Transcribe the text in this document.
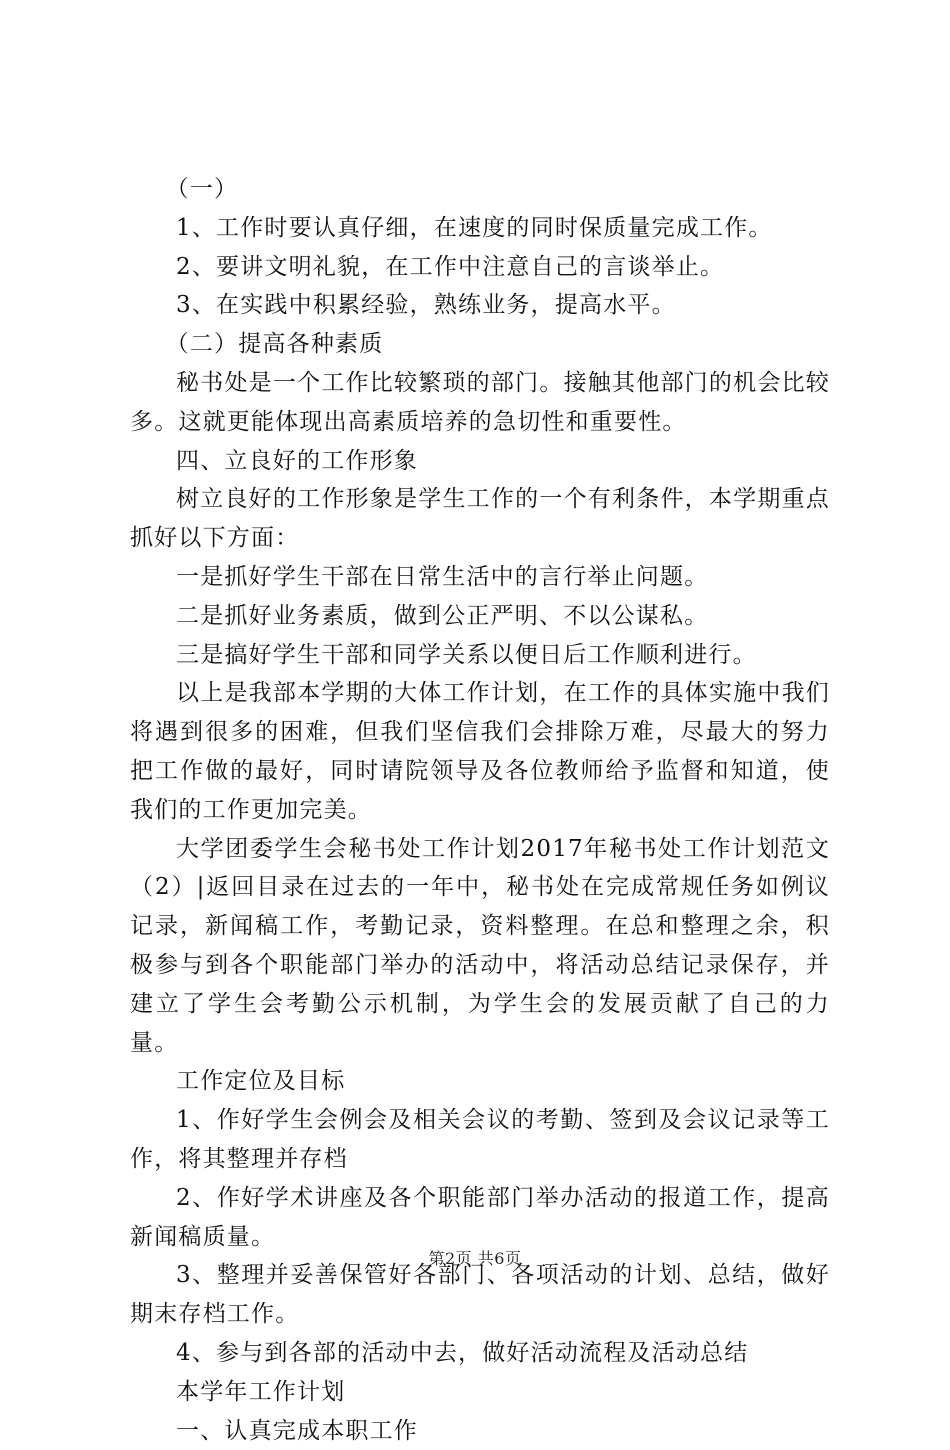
（一）

1、工作时要认真仔细，在速度的同时保质量完成工作。

2、要讲文明礼貌，在工作中注意自己的言谈举止。

3、在实践中积累经验，熟练业务，提高水平。

（二）提高各种素质

秘书处是一个工作比较繁琐的部门。接触其他部门的机会比较多。这就更能体现出高素质培养的急切性和重要性。

四、立良好的工作形象

树立良好的工作形象是学生工作的一个有利条件，本学期重点抓好以下方面：

一是抓好学生干部在日常生活中的言行举止问题。

二是抓好业务素质，做到公正严明、不以公谋私。

三是搞好学生干部和同学关系以便日后工作顺利进行。

以上是我部本学期的大体工作计划，在工作的具体实施中我们将遇到很多的困难，但我们坚信我们会排除万难，尽最大的努力把工作做的最好，同时请院领导及各位教师给予监督和知道，使我们的工作更加完美。

大学团委学生会秘书处工作计划2017年秘书处工作计划范文（2）|返回目录在过去的一年中，秘书处在完成常规任务如例议记录，新闻稿工作，考勤记录，资料整理。在总和整理之余，积极参与到各个职能部门举办的活动中，将活动总结记录保存，并建立了学生会考勤公示机制，为学生会的发展贡献了自己的力量。

工作定位及目标

1、作好学生会例会及相关会议的考勤、签到及会议记录等工作，将其整理并存档

2、作好学术讲座及各个职能部门举办活动的报道工作，提高新闻稿质量。

3、整理并妥善保管好各部门、各项活动的计划、总结，做好期末存档工作。

4、参与到各部的活动中去，做好活动流程及活动总结

本学年工作计划

一、认真完成本职工作

第2页 共6页
